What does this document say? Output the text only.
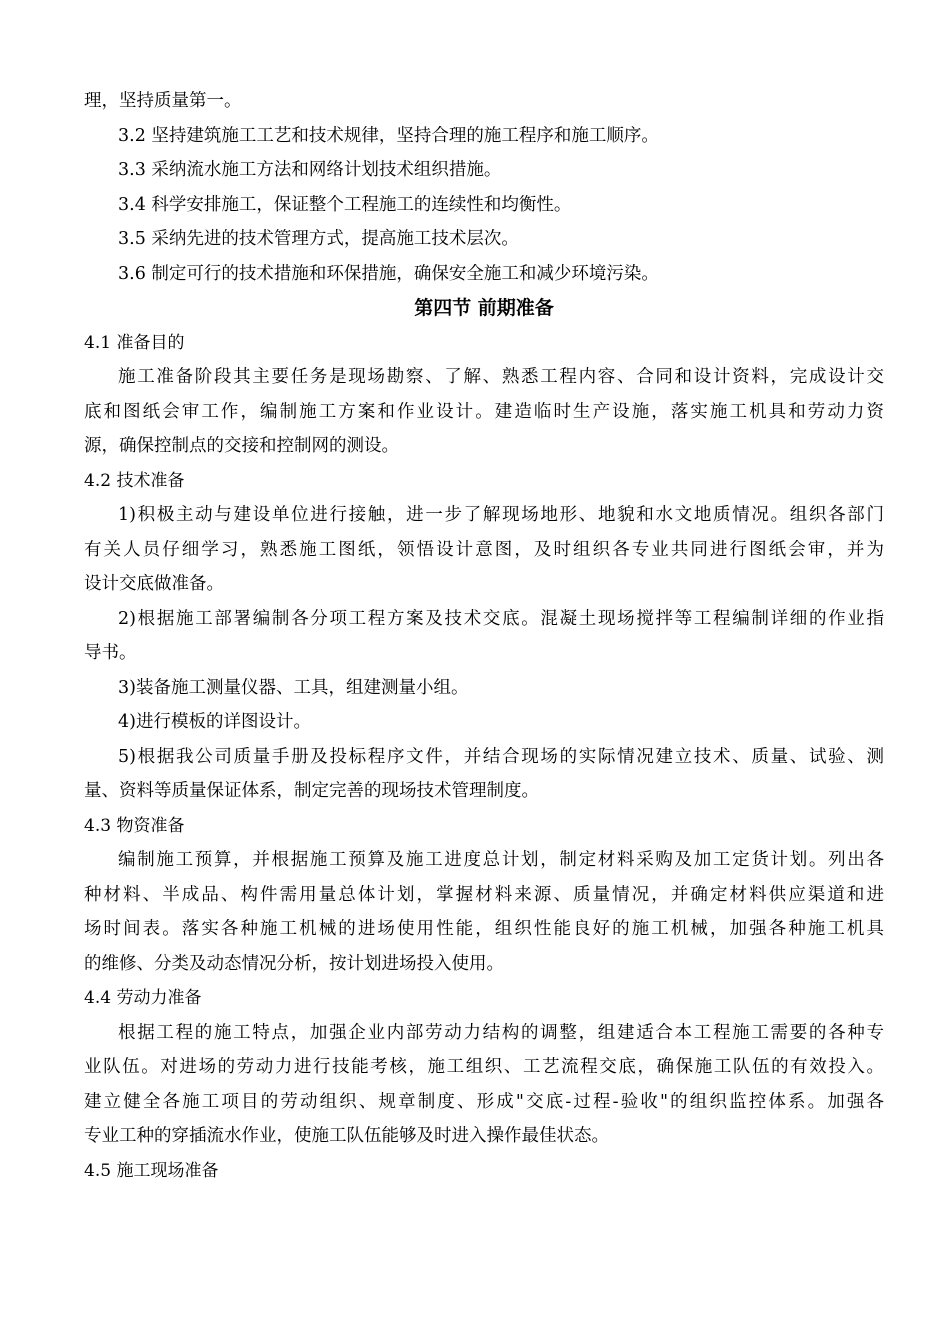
理，坚持质量第一。

3.2 坚持建筑施工工艺和技术规律，坚持合理的施工程序和施工顺序。

3.3 采纳流水施工方法和网络计划技术组织措施。

3.4 科学安排施工，保证整个工程施工的连续性和均衡性。

3.5 采纳先进的技术管理方式，提高施工技术层次。

3.6 制定可行的技术措施和环保措施，确保安全施工和减少环境污染。

第四节 前期准备

4.1 准备目的

施工准备阶段其主要任务是现场勘察、了解、熟悉工程内容、合同和设计资料，完成设计交

底和图纸会审工作，编制施工方案和作业设计。建造临时生产设施，落实施工机具和劳动力资

源，确保控制点的交接和控制网的测设。

4.2 技术准备

1)积极主动与建设单位进行接触，进一步了解现场地形、地貌和水文地质情况。组织各部门

有关人员仔细学习，熟悉施工图纸，领悟设计意图，及时组织各专业共同进行图纸会审，并为

设计交底做准备。

2)根据施工部署编制各分项工程方案及技术交底。混凝土现场搅拌等工程编制详细的作业指

导书。

3)装备施工测量仪器、工具，组建测量小组。

4)进行模板的详图设计。

5)根据我公司质量手册及投标程序文件，并结合现场的实际情况建立技术、质量、试验、测

量、资料等质量保证体系，制定完善的现场技术管理制度。

4.3 物资准备

编制施工预算，并根据施工预算及施工进度总计划，制定材料采购及加工定货计划。列出各

种材料、半成品、构件需用量总体计划，掌握材料来源、质量情况，并确定材料供应渠道和进

场时间表。落实各种施工机械的进场使用性能，组织性能良好的施工机械，加强各种施工机具

的维修、分类及动态情况分析，按计划进场投入使用。

4.4 劳动力准备

根据工程的施工特点，加强企业内部劳动力结构的调整，组建适合本工程施工需要的各种专

业队伍。对进场的劳动力进行技能考核，施工组织、工艺流程交底，确保施工队伍的有效投入。

建立健全各施工项目的劳动组织、规章制度、形成"交底-过程-验收"的组织监控体系。加强各

专业工种的穿插流水作业，使施工队伍能够及时进入操作最佳状态。

4.5 施工现场准备
